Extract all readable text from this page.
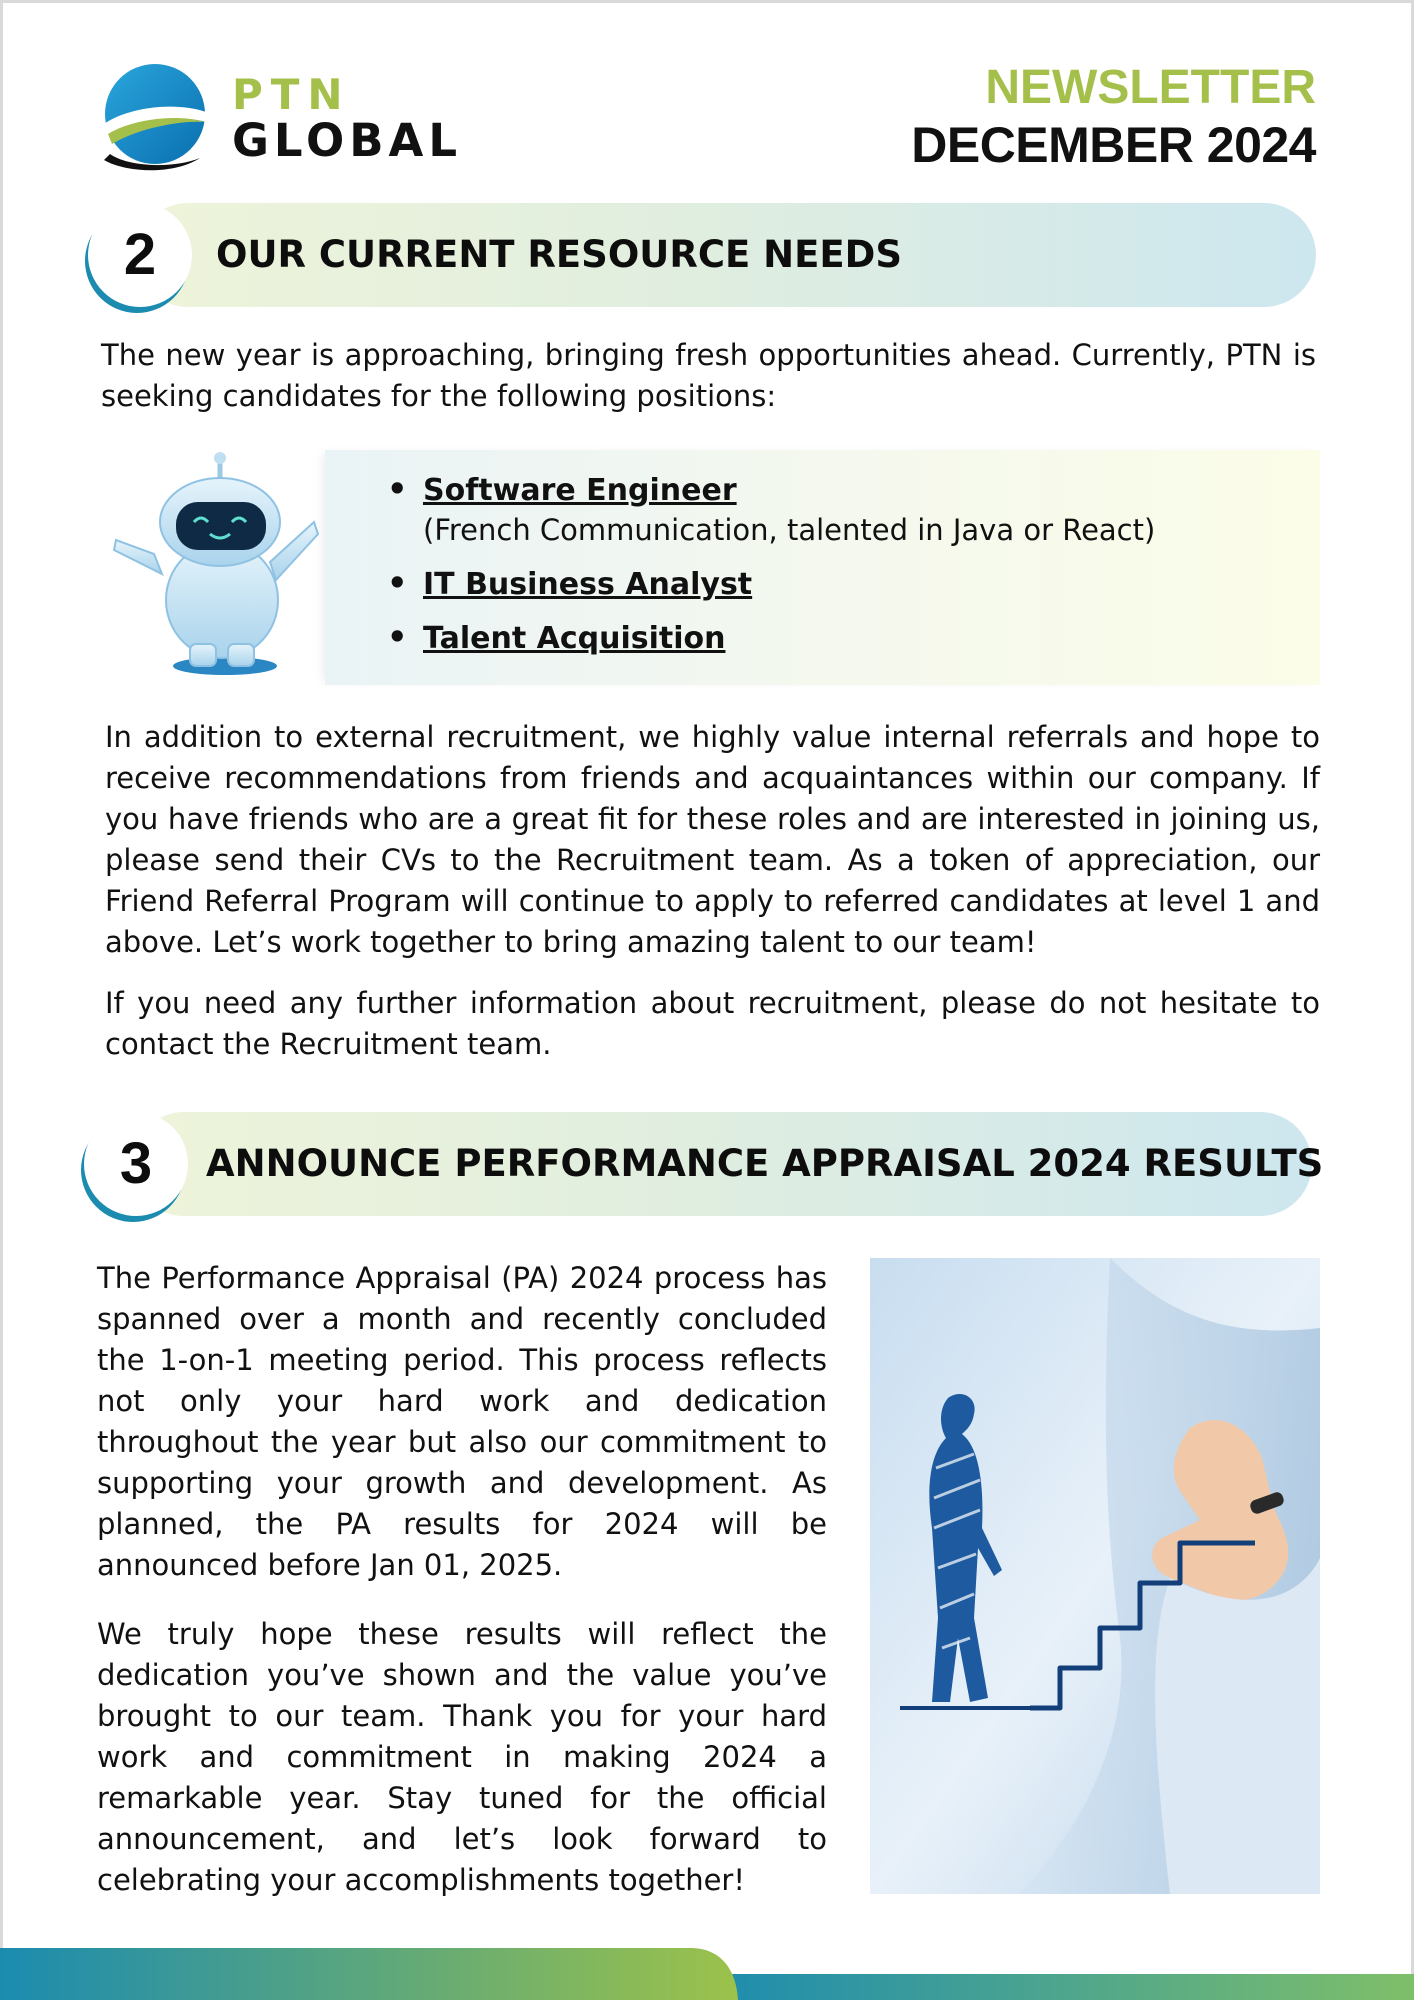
PTN
GLOBAL
NEWSLETTER
DECEMBER 2024
2	OUR CURRENT RESOURCE NEEDS

The new year is approaching, bringing fresh opportunities ahead. Currently, PTN is seeking candidates for the following positions:

• Software Engineer
(French Communication, talented in Java or React)
• IT Business Analyst
• Talent Acquisition

In addition to external recruitment, we highly value internal referrals and hope to receive recommendations from friends and acquaintances within our company. If you have friends who are a great fit for these roles and are interested in joining us, please send their CVs to the Recruitment team. As a token of appreciation, our Friend Referral Program will continue to apply to referred candidates at level 1 and above. Let’s work together to bring amazing talent to our team!

If you need any further information about recruitment, please do not hesitate to contact the Recruitment team.

3	ANNOUNCE PERFORMANCE APPRAISAL 2024 RESULTS

The Performance Appraisal (PA) 2024 process has spanned over a month and recently concluded the 1-on-1 meeting period. This process reflects not only your hard work and dedication throughout the year but also our commitment to supporting your growth and development. As planned, the PA results for 2024 will be announced before Jan 01, 2025.

We truly hope these results will reflect the dedication you’ve shown and the value you’ve brought to our team. Thank you for your hard work and commitment in making 2024 a remarkable year. Stay tuned for the official announcement, and let’s look forward to celebrating your accomplishments together!
